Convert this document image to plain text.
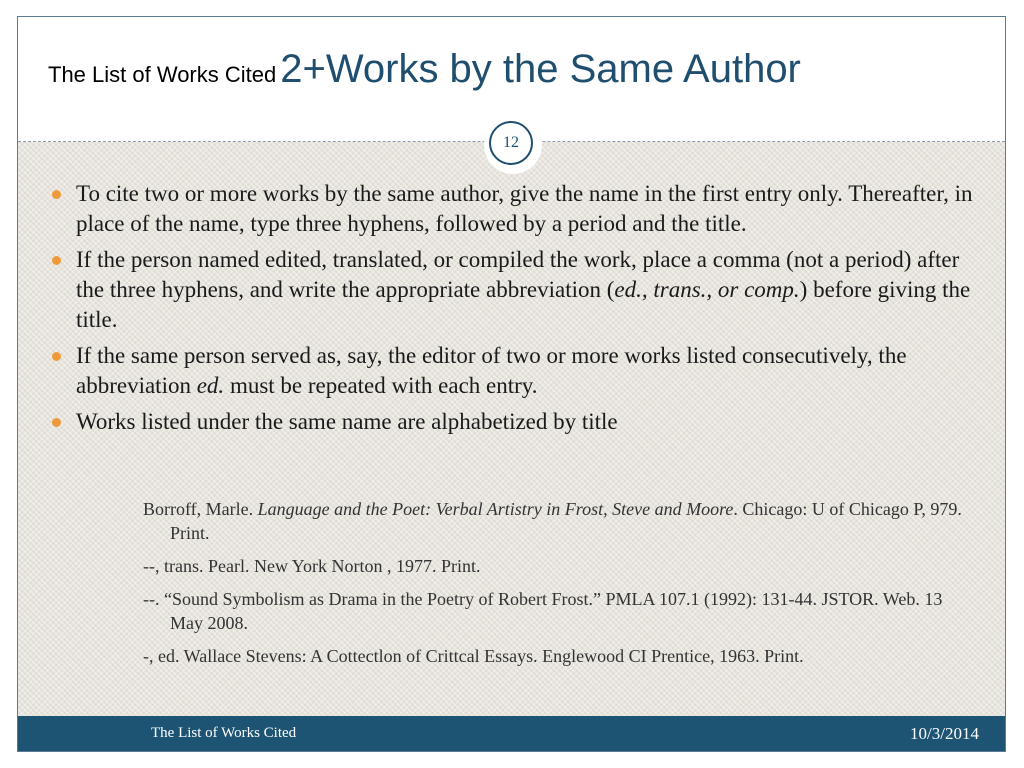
The List of Works Cited 2+Works by the Same Author
12
To cite two or more works by the same author, give the name in the first entry only. Thereafter, in place of the name, type three hyphens, followed by a period and the title.
If the person named edited, translated, or compiled the work, place a comma (not a period) after the three hyphens, and write the appropriate abbreviation (ed., trans., or comp.) before giving the title.
If the same person served as, say, the editor of two or more works listed consecutively, the abbreviation ed. must be repeated with each entry.
Works listed under the same name are alphabetized by title
Borroff, Marle. Language and the Poet: Verbal Artistry in Frost, Steve and Moore. Chicago: U of Chicago P, 979. Print.
--, trans. Pearl. New York Norton , 1977. Print.
--. “Sound Symbolism as Drama in the Poetry of Robert Frost.” PMLA 107.1 (1992): 131-44. JSTOR. Web. 13 May 2008.
-, ed. Wallace Stevens: A Cottectlon of Crittcal Essays. Englewood CI Prentice, 1963. Print.
The List of Works Cited	10/3/2014
